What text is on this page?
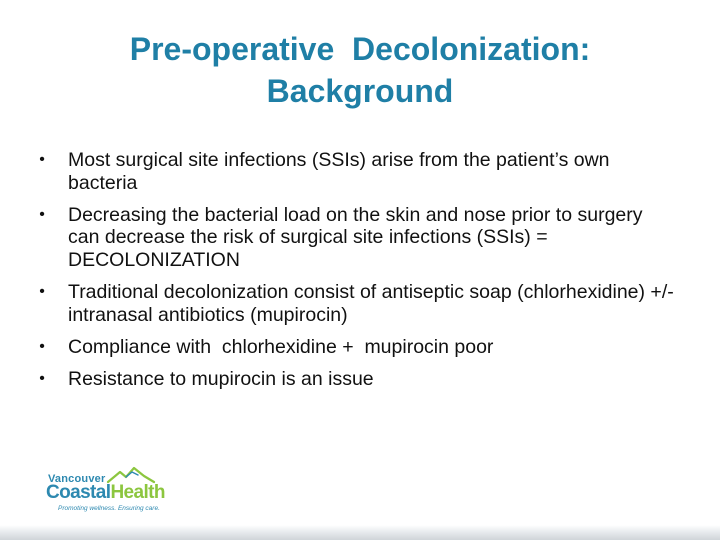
Pre-operative  Decolonization:
Background
• Most surgical site infections (SSIs) arise from the patient’s own bacteria
• Decreasing the bacterial load on the skin and nose prior to surgery can decrease the risk of surgical site infections (SSIs) = DECOLONIZATION
• Traditional decolonization consist of antiseptic soap (chlorhexidine) +/- intranasal antibiotics (mupirocin)
• Compliance with  chlorhexidine +  mupirocin poor
• Resistance to mupirocin is an issue
Vancouver
CoastalHealth
Promoting wellness. Ensuring care.
